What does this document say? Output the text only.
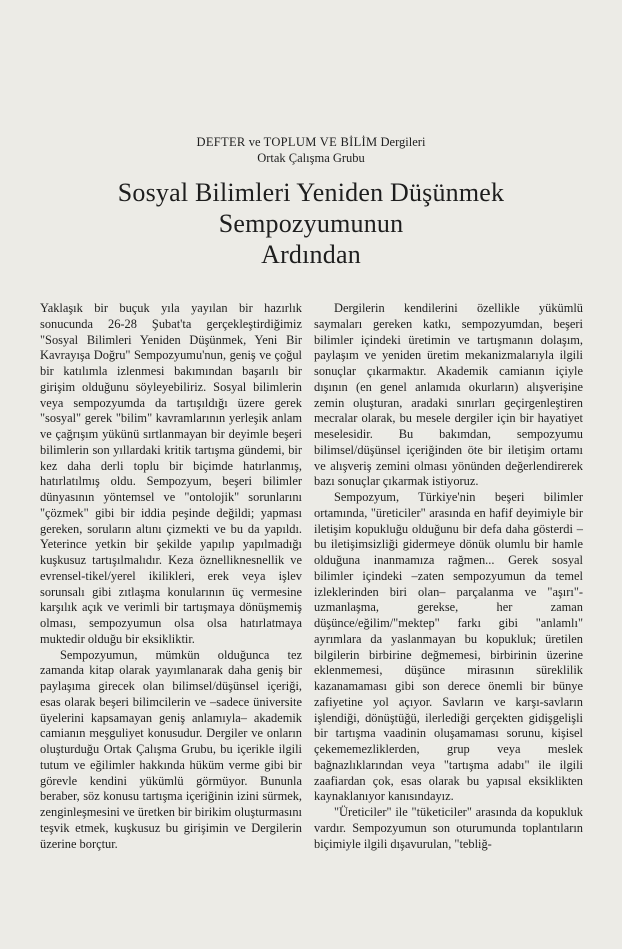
DEFTER ve TOPLUM VE BİLİM Dergileri
Ortak Çalışma Grubu
Sosyal Bilimleri Yeniden Düşünmek
Sempozyumunun
Ardından

Yaklaşık bir buçuk yıla yayılan bir hazırlık sonucunda 26-28 Şubat'ta gerçekleştirdiğimiz "Sosyal Bilimleri Yeniden Düşünmek, Yeni Bir Kavrayışa Doğru" Sempozyumu'nun, geniş ve çoğul bir katılımla izlenmesi bakımından başarılı bir girişim olduğunu söyleyebiliriz. Sosyal bilimlerin veya sempozyumda da tartışıldığı üzere gerek "sosyal" gerek "bilim" kavramlarının yerleşik anlam ve çağrışım yükünü sırtlanmayan bir deyimle beşeri bilimlerin son yıllardaki kritik tartışma gündemi, bir kez daha derli toplu bir biçimde hatırlanmış, hatırlatılmış oldu. Sempozyum, beşeri bilimler dünyasının yöntemsel ve "ontolojik" sorunlarını "çözmek" gibi bir iddia peşinde değildi; yapması gereken, soruların altını çizmekti ve bu da yapıldı. Yeterince yetkin bir şekilde yapılıp yapılmadığı kuşkusuz tartışılmalıdır. Keza öznelliknesnellik ve evrensel-tikel/yerel ikilikleri, erek veya işlev sorunsalı gibi zıtlaşma konularının üç vermesine karşılık açık ve verimli bir tartışmaya dönüşmemiş olması, sempozyumun olsa olsa hatırlatmaya muktedir olduğu bir eksikliktir.

Sempozyumun, mümkün olduğunca tez zamanda kitap olarak yayımlanarak daha geniş bir paylaşıma girecek olan bilimsel/düşünsel içeriği, esas olarak beşeri bilimcilerin ve –sadece üniversite üyelerini kapsamayan geniş anlamıyla– akademik camianın meşguliyet konusudur. Dergiler ve onların oluşturduğu Ortak Çalışma Grubu, bu içerikle ilgili tutum ve eğilimler hakkında hüküm verme gibi bir görevle kendini yükümlü görmüyor. Bununla beraber, söz konusu tartışma içeriğinin izini sürmek, zenginleşmesini ve üretken bir birikim oluşturmasını teşvik etmek, kuşkusuz bu girişimin ve Dergilerin üzerine borçtur.

Dergilerin kendilerini özellikle yükümlü saymaları gereken katkı, sempozyumdan, beşeri bilimler içindeki üretimin ve tartışmanın dolaşım, paylaşım ve yeniden üretim mekanizmalarıyla ilgili sonuçlar çıkarmaktır. Akademik camianın içiyle dışının (en genel anlamıda okurların) alışverişine zemin oluşturan, aradaki sınırları geçirgenleştiren mecralar olarak, bu mesele dergiler için bir hayatiyet meselesidir. Bu bakımdan, sempozyumu bilimsel/düşünsel içeriğinden öte bir iletişim ortamı ve alışveriş zemini olması yönünden değerlendirerek bazı sonuçlar çıkarmak istiyoruz.

Sempozyum, Türkiye'nin beşeri bilimler ortamında, "üreticiler" arasında en hafif deyimiyle bir iletişim kopukluğu olduğunu bir defa daha gösterdi – bu iletişimsizliği gidermeye dönük olumlu bir hamle olduğuna inanmamıza rağmen... Gerek sosyal bilimler içindeki –zaten sempozyumun da temel izleklerinden biri olan– parçalanma ve "aşırı"-uzmanlaşma, gerekse, her zaman düşünce/eğilim/"mektep" farkı gibi "anlamlı" ayrımlara da yaslanmayan bu kopukluk; üretilen bilgilerin birbirine değmemesi, birbirinin üzerine eklenmemesi, düşünce mirasının süreklilik kazanamaması gibi son derece önemli bir bünye zafiyetine yol açıyor. Savların ve karşı-savların işlendiği, dönüştüğü, ilerlediği gerçekten gidişgelişli bir tartışma vaadinin oluşamaması sorunu, kişisel çekememezliklerden, grup veya meslek bağnazlıklarından veya "tartışma adabı" ile ilgili zaafiardan çok, esas olarak bu yapısal eksiklikten kaynaklanıyor kanısındayız.

"Üreticiler" ile "tüketiciler" arasında da kopukluk vardır. Sempozyumun son oturumunda toplantıların biçimiyle ilgili dışavurulan, "tebliğ-
